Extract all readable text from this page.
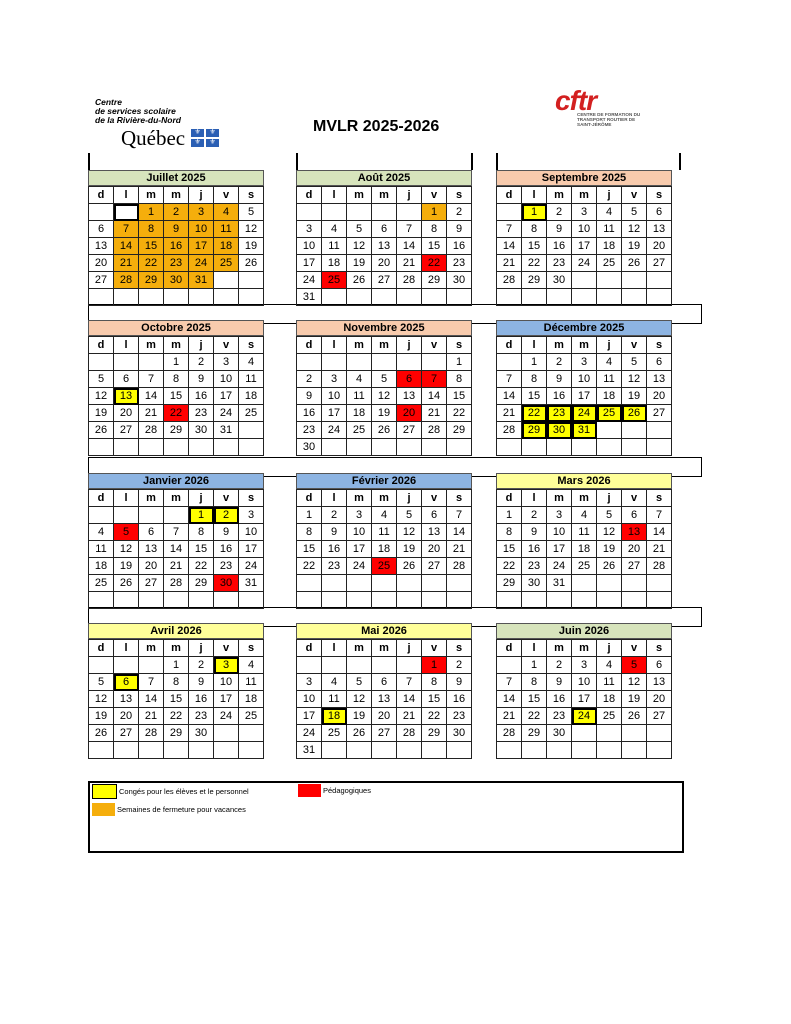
Centre
de services scolaire
de la Rivière-du-Nord
Québec	⚜	⚜
⚜	⚜
MVLR 2025-2026
cftr
CENTRE DE FORMATION DU TRANSPORT ROUTIER DE SAINT-JÉRÔME
Juillet 2025
d	l	m	m	j	v	s
		1	2	3	4	5
6	7	8	9	10	11	12
13	14	15	16	17	18	19
20	21	22	23	24	25	26
27	28	29	30	31		

Août 2025
d	l	m	m	j	v	s
					1	2
3	4	5	6	7	8	9
10	11	12	13	14	15	16
17	18	19	20	21	22	23
24	25	26	27	28	29	30
31						
Septembre 2025
d	l	m	m	j	v	s
	1	2	3	4	5	6
7	8	9	10	11	12	13
14	15	16	17	18	19	20
21	22	23	24	25	26	27
28	29	30				

Octobre 2025
d	l	m	m	j	v	s
			1	2	3	4
5	6	7	8	9	10	11
12	13	14	15	16	17	18
19	20	21	22	23	24	25
26	27	28	29	30	31	

Novembre 2025
d	l	m	m	j	v	s
						1
2	3	4	5	6	7	8
9	10	11	12	13	14	15
16	17	18	19	20	21	22
23	24	25	26	27	28	29
30						
Décembre 2025
d	l	m	m	j	v	s
	1	2	3	4	5	6
7	8	9	10	11	12	13
14	15	16	17	18	19	20
21	22	23	24	25	26	27
28	29	30	31			

Janvier 2026
d	l	m	m	j	v	s
				1	2	3
4	5	6	7	8	9	10
11	12	13	14	15	16	17
18	19	20	21	22	23	24
25	26	27	28	29	30	31

Février 2026
d	l	m	m	j	v	s
1	2	3	4	5	6	7
8	9	10	11	12	13	14
15	16	17	18	19	20	21
22	23	24	25	26	27	28

Mars 2026
d	l	m	m	j	v	s
1	2	3	4	5	6	7
8	9	10	11	12	13	14
15	16	17	18	19	20	21
22	23	24	25	26	27	28
29	30	31				

Avril 2026
d	l	m	m	j	v	s
			1	2	3	4
5	6	7	8	9	10	11
12	13	14	15	16	17	18
19	20	21	22	23	24	25
26	27	28	29	30		

Mai 2026
d	l	m	m	j	v	s
					1	2
3	4	5	6	7	8	9
10	11	12	13	14	15	16
17	18	19	20	21	22	23
24	25	26	27	28	29	30
31						
Juin 2026
d	l	m	m	j	v	s
	1	2	3	4	5	6
7	8	9	10	11	12	13
14	15	16	17	18	19	20
21	22	23	24	25	26	27
28	29	30				

Congés pour les élèves et le personnel	Pédagogiques
Semaines de fermeture pour vacances
